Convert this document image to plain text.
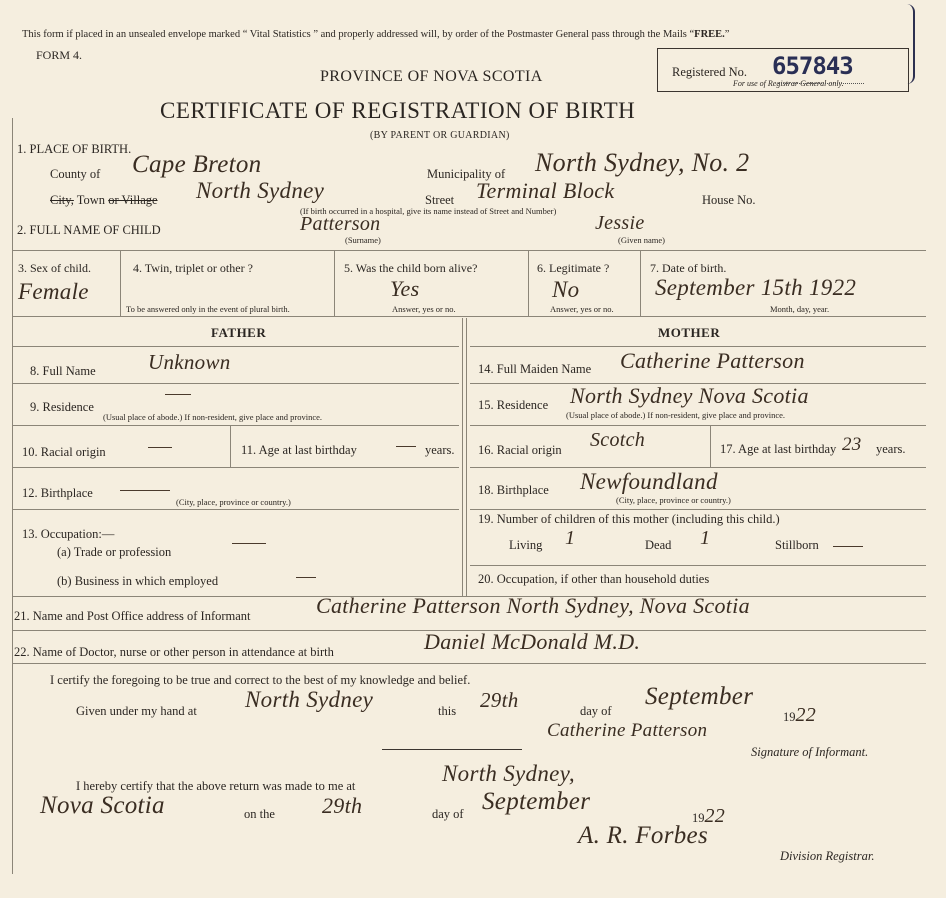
This form if placed in an unsealed envelope marked “ Vital Statistics ” and properly addressed will, by order of the Postmaster General pass through the Mails “FREE.”
FORM 4.
PROVINCE OF NOVA SCOTIA
CERTIFICATE OF REGISTRATION OF BIRTH
(BY PARENT OR GUARDIAN)
Registered No. 657843
For use of Registrar General only.
1. PLACE OF BIRTH.
County of Cape Breton	Municipality of North Sydney, No. 2
City, Town or Village North Sydney	Street Terminal Block	House No.
(If birth occurred in a hospital, give its name instead of Street and Number)
2. FULL NAME OF CHILD	Patterson
(Surname)
Jessie
(Given name)
3. Sex of child.
Female
4. Twin, triplet or other ?
To be answered only in the event of plural birth.
5. Was the child born alive?
Yes
Answer, yes or no.
6. Legitimate ?
No
Answer, yes or no.
7. Date of birth.
September 15th 1922
Month, day, year.
FATHER	MOTHER
8. Full Name Unknown
9. Residence
(Usual place of abode.) If non-resident, give place and province.
10. Racial origin	11. Age at last birthday	years.
12. Birthplace
(City, place, province or country.)
13. Occupation:—
(a) Trade or profession
(b) Business in which employed
14. Full Maiden Name Catherine Patterson
15. Residence North Sydney Nova Scotia
(Usual place of abode.) If non-resident, give place and province.
16. Racial origin Scotch	17. Age at last birthday 23 years.
18. Birthplace Newfoundland
(City, place, province or country.)
19. Number of children of this mother (including this child.)
Living 1	Dead 1	Stillborn
20. Occupation, if other than household duties
21. Name and Post Office address of Informant	Catherine Patterson North Sydney, Nova Scotia
22. Name of Doctor, nurse or other person in attendance at birth	Daniel McDonald M.D.
I certify the foregoing to be true and correct to the best of my knowledge and belief.
Given under my hand at North Sydney	this 29th	day of
September
1922
Catherine Patterson
Signature of Informant.
I hereby certify that the above return was made to me at	North Sydney,
Nova Scotia	on the 29th	day of September
1922
A. R. Forbes
Division Registrar.
